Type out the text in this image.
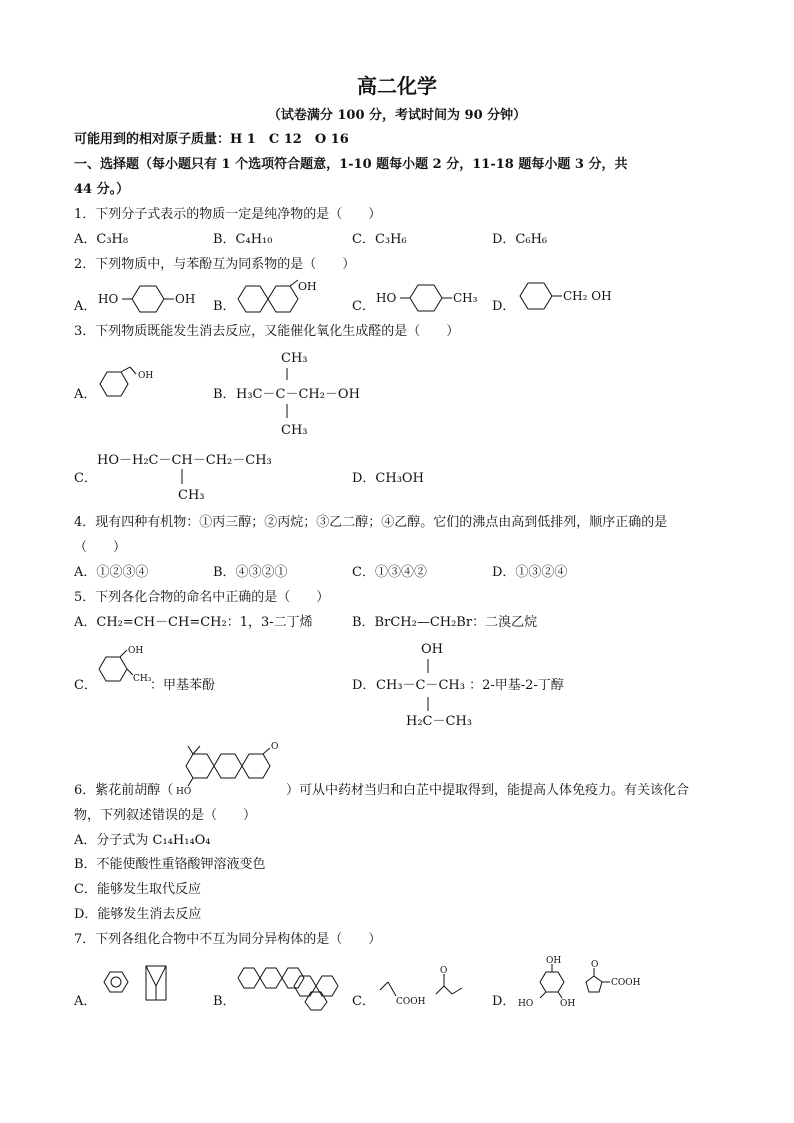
高二化学
（试卷满分 100 分，考试时间为 90 分钟）
可能用到的相对原子质量：H 1　C 12　O 16
一、选择题（每小题只有 1 个选项符合题意，1-10 题每小题 2 分，11-18 题每小题 3 分，共
44 分。）
1．下列分子式表示的物质一定是纯净物的是（　　）
A．C₃H₈	B．C₄H₁₀	C．C₃H₆	D．C₆H₆
2．下列物质中，与苯酚互为同系物的是（　　）
A． HO	OH B．
OH
C．
HO	CH₃
D．
CH₂ OH
3．下列物质既能发生消去反应，又能催化氧化生成醛的是（　　）
A．
OH
B．
CH₃
H₃C－C－CH₂－OH
CH₃
C．
HO－H₂C－CH－CH₂－CH₃
CH₃
D．CH₃OH
4．现有四种有机物：①丙三醇；②丙烷；③乙二醇；④乙醇。它们的沸点由高到低排列，顺序正确的是
（　　）
A．①②③④	B．④③②①	C．①③④②	D．①③②④
5．下列各化合物的命名中正确的是（　　）
A．CH₂=CH－CH=CH₂：1，3-二丁烯	B．BrCH₂—CH₂Br：二溴乙烷
C．
OH
CH₃
：甲基苯酚	D．
OH
CH₃－C－CH₃ ：2-甲基-2-丁醇
H₂C－CH₃
6．紫花前胡醇（
O
HO	）可从中药材当归和白芷中提取得到，能提高人体免疫力。有关该化合
物，下列叙述错误的是（　　）
A．分子式为 C₁₄H₁₄O₄
B．不能使酸性重铬酸钾溶液变色
C．能够发生取代反应
D．能够发生消去反应
7．下列各组化合物中不互为同分异构体的是（　　）
A．	B．	C． COOH
O
D．
OH
OH
HO
O
COOH
